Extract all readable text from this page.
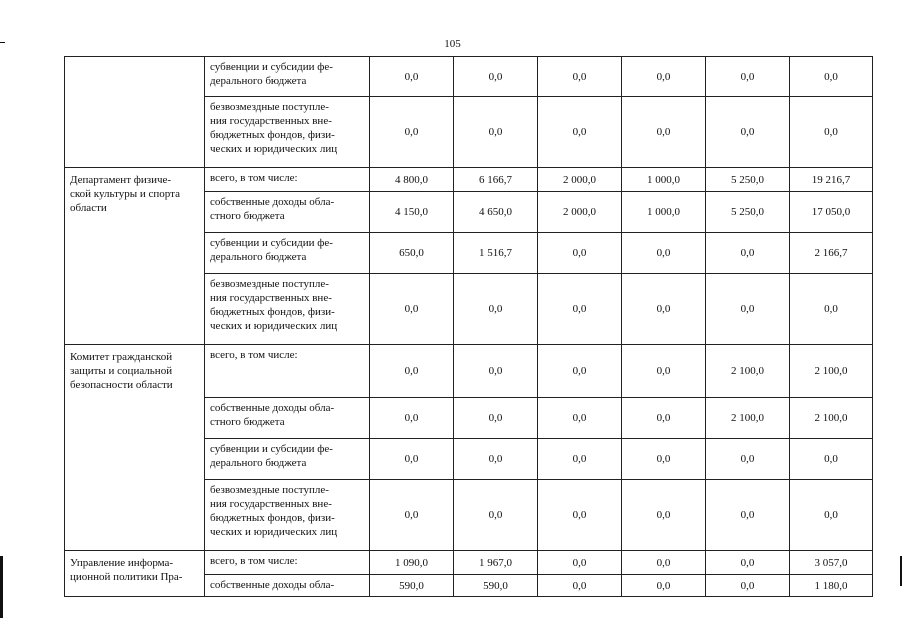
105
	субвенции и субсидии фе-
дерального бюджета	0,0	0,0	0,0	0,0	0,0	0,0
	безвозмездные поступле-
ния государственных вне-
бюджетных фондов, физи-
ческих и юридических лиц	0,0	0,0	0,0	0,0	0,0	0,0
Департамент физиче-
ской культуры и спорта
области	всего, в том числе:	4 800,0	6 166,7	2 000,0	1 000,0	5 250,0	19 216,7
	собственные доходы обла-
стного бюджета	4 150,0	4 650,0	2 000,0	1 000,0	5 250,0	17 050,0
	субвенции и субсидии фе-
дерального бюджета	650,0	1 516,7	0,0	0,0	0,0	2 166,7
	безвозмездные поступле-
ния государственных вне-
бюджетных фондов, физи-
ческих и юридических лиц	0,0	0,0	0,0	0,0	0,0	0,0
Комитет гражданской
защиты и социальной
безопасности области	всего, в том числе:	0,0	0,0	0,0	0,0	2 100,0	2 100,0
	собственные доходы обла-
стного бюджета	0,0	0,0	0,0	0,0	2 100,0	2 100,0
	субвенции и субсидии фе-
дерального бюджета	0,0	0,0	0,0	0,0	0,0	0,0
	безвозмездные поступле-
ния государственных вне-
бюджетных фондов, физи-
ческих и юридических лиц	0,0	0,0	0,0	0,0	0,0	0,0
Управление информа-
ционной политики Пра-	всего, в том числе:	1 090,0	1 967,0	0,0	0,0	0,0	3 057,0
	собственные доходы обла-	590,0	590,0	0,0	0,0	0,0	1 180,0
